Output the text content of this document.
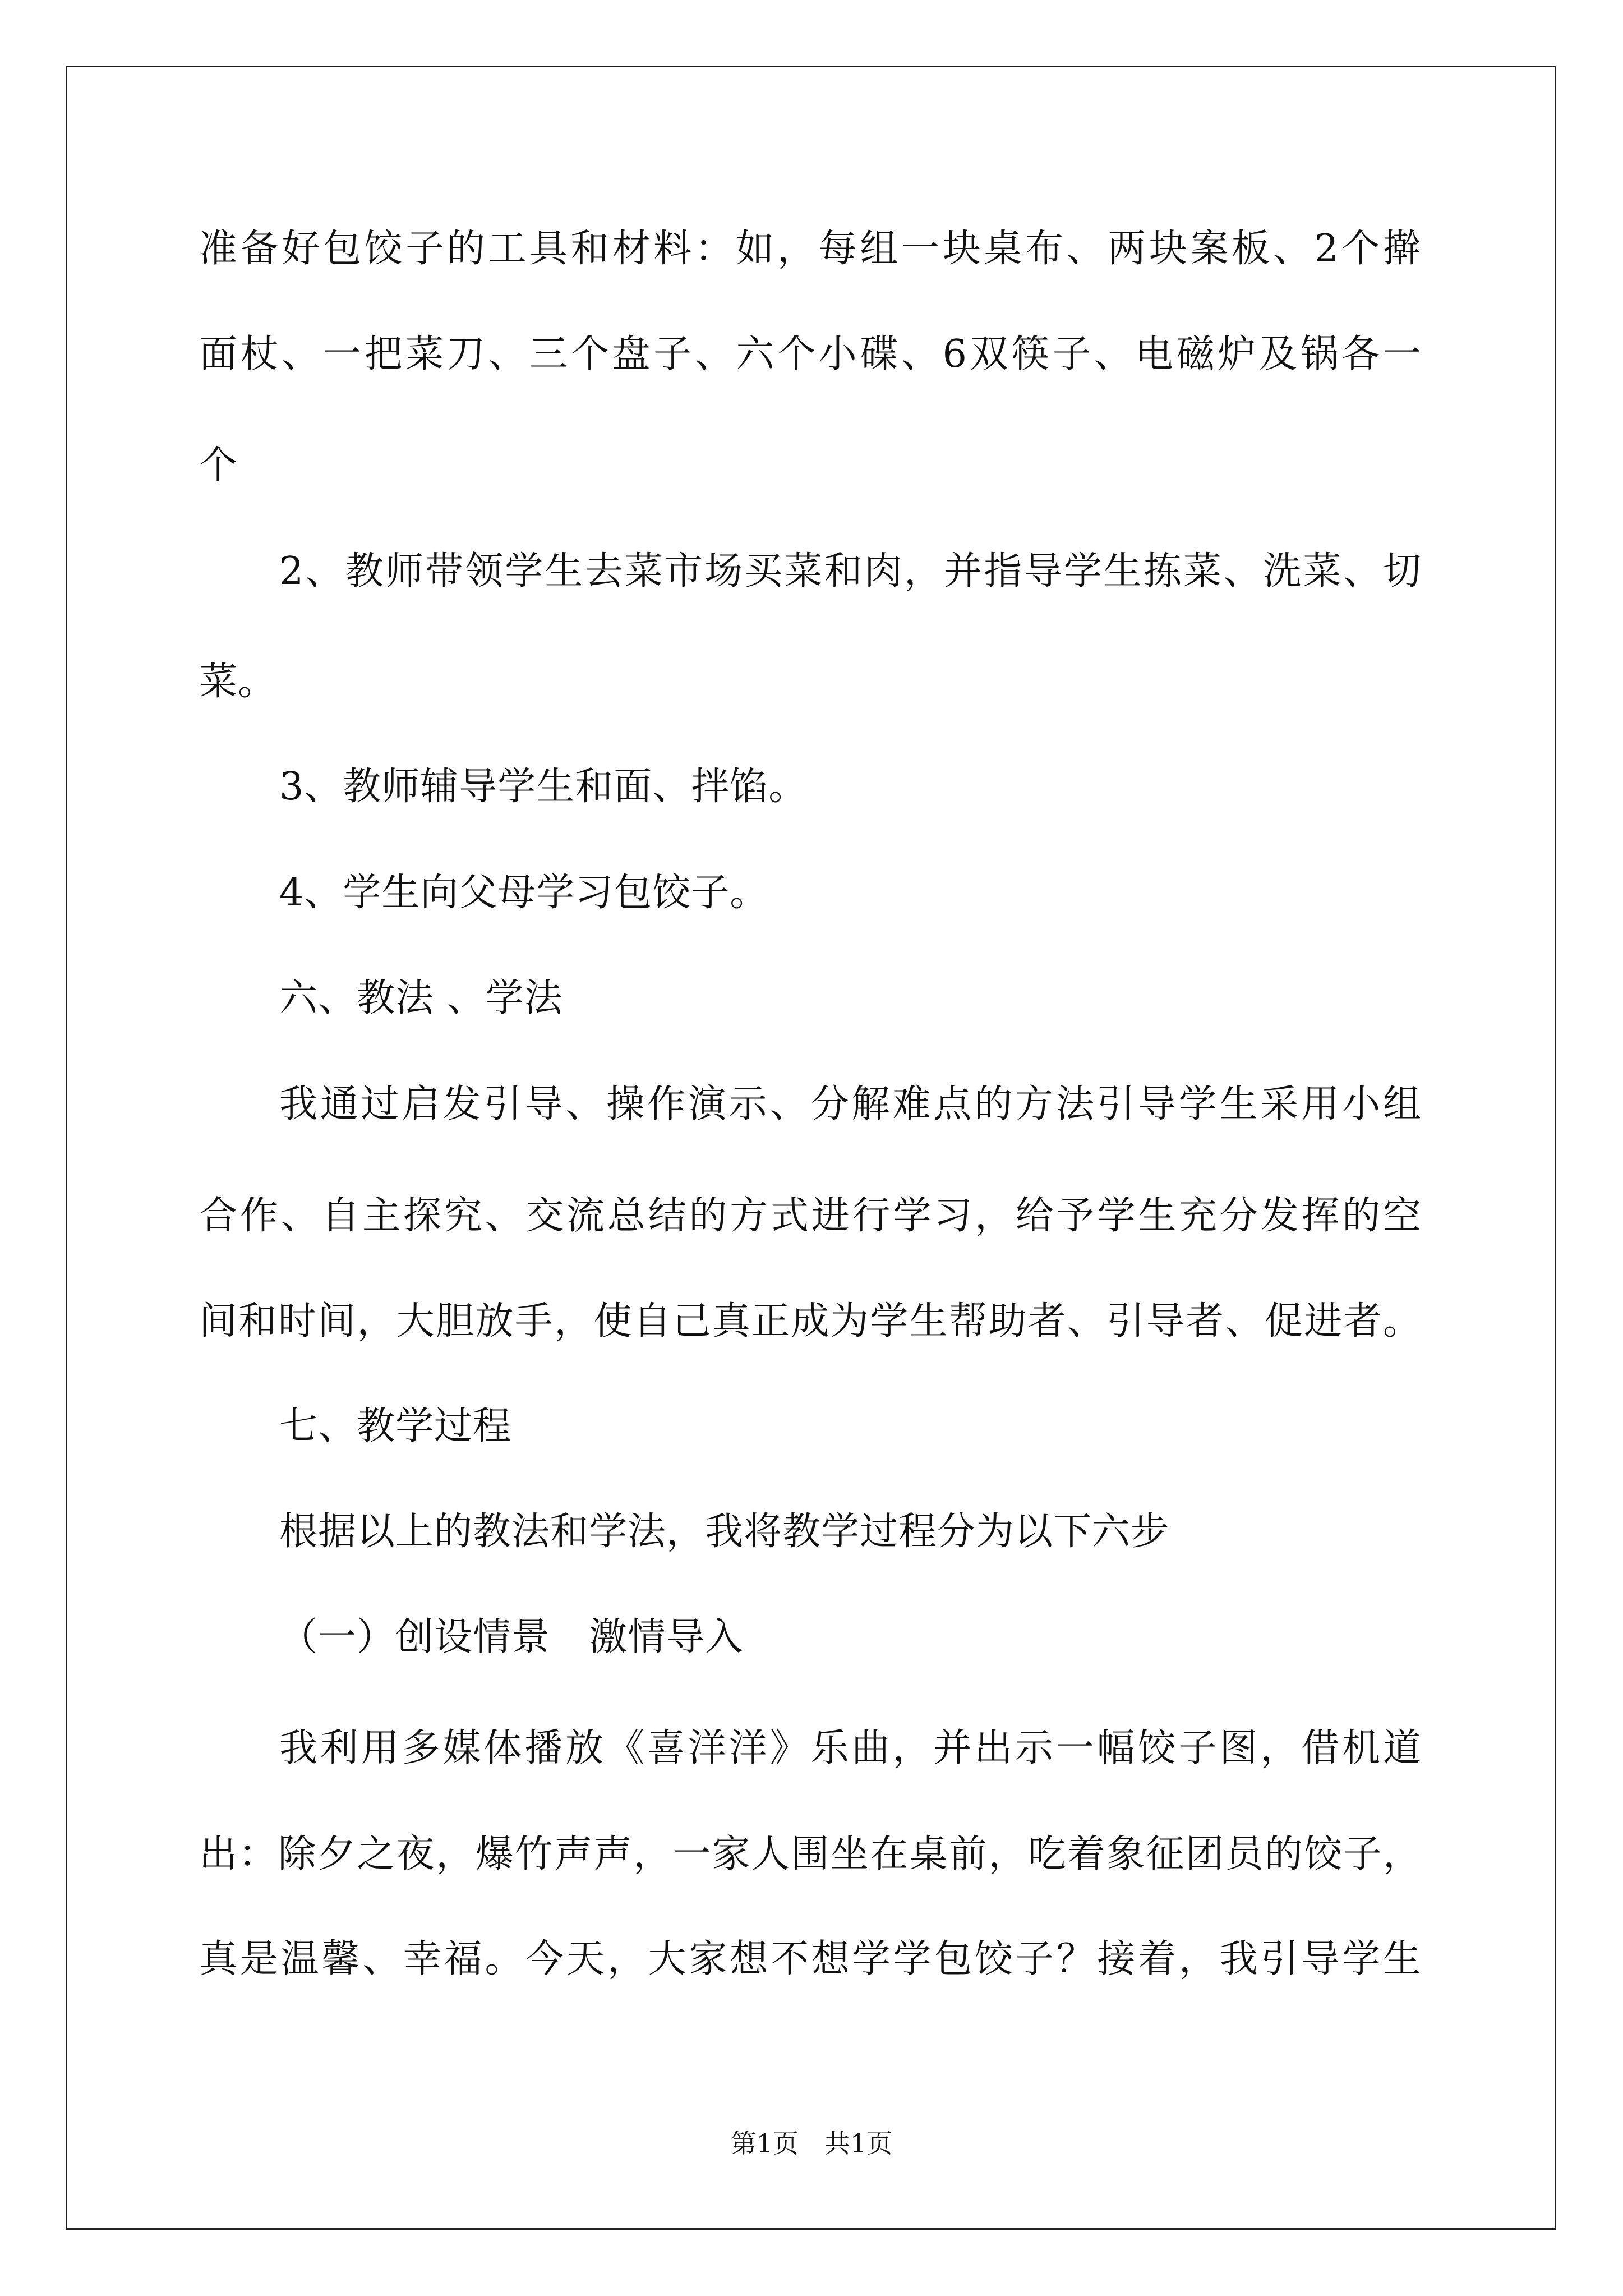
准备好包饺子的工具和材料：如，每组一块桌布、两块案板、2个擀
面杖、一把菜刀、三个盘子、六个小碟、6双筷子、电磁炉及锅各一
个
2、教师带领学生去菜市场买菜和肉，并指导学生拣菜、洗菜、切
菜。
3、教师辅导学生和面、拌馅。
4、学生向父母学习包饺子。
六、教法 、学法
我通过启发引导、操作演示、分解难点的方法引导学生采用小组
合作、自主探究、交流总结的方式进行学习，给予学生充分发挥的空
间和时间，大胆放手，使自己真正成为学生帮助者、引导者、促进者。
七、教学过程
根据以上的教法和学法，我将教学过程分为以下六步
（一）创设情景　激情导入
我利用多媒体播放《喜洋洋》乐曲，并出示一幅饺子图，借机道
出：除夕之夜，爆竹声声，一家人围坐在桌前，吃着象征团员的饺子，
真是温馨、幸福。今天，大家想不想学学包饺子？接着，我引导学生
第1页　共1页
